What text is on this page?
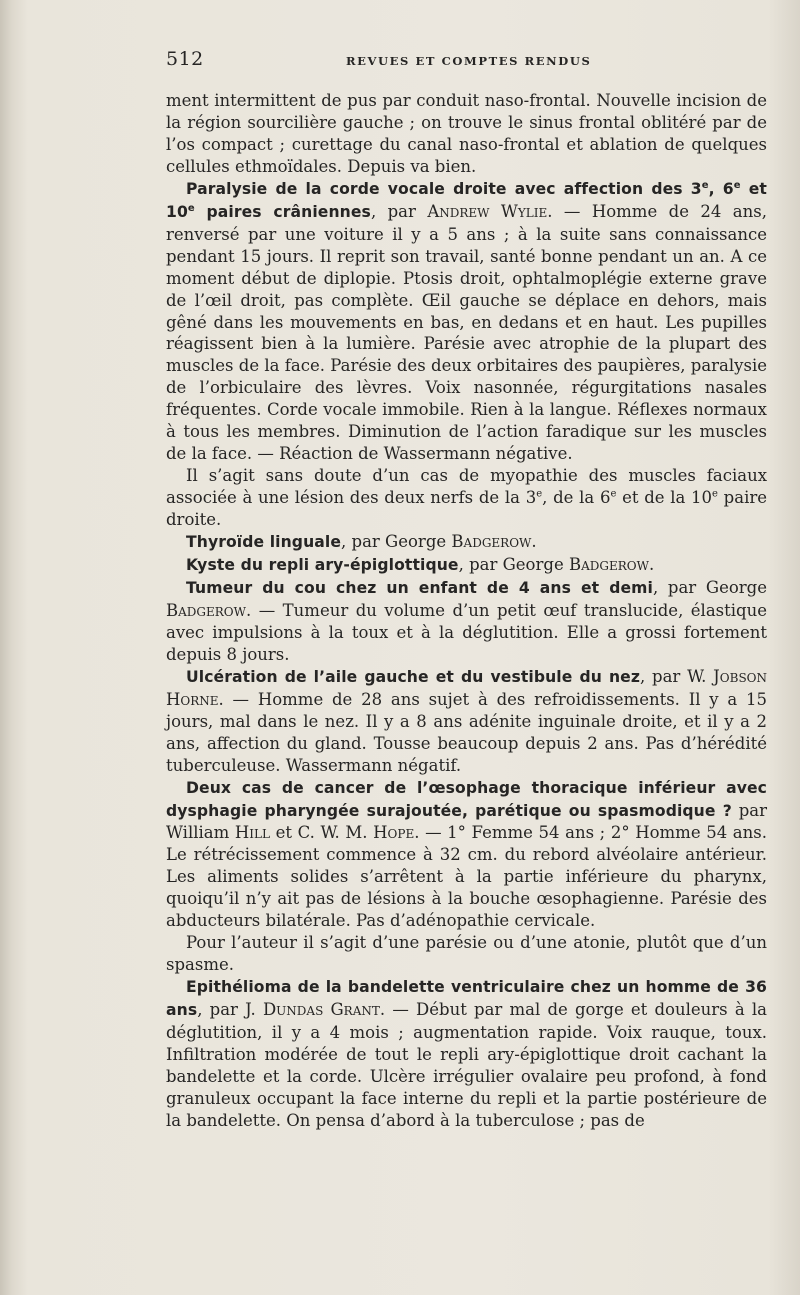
512	REVUES ET COMPTES RENDUS

ment intermittent de pus par conduit naso-frontal. Nouvelle incision de la région sourcilière gauche ; on trouve le sinus frontal oblitéré par de l’os compact ; curettage du canal naso-frontal et ablation de quelques cellules ethmoïdales. Depuis va bien.

Paralysie de la corde vocale droite avec affection des 3e, 6e et 10e paires crâniennes, par Andrew Wylie. — Homme de 24 ans, renversé par une voiture il y a 5 ans ; à la suite sans connaissance pendant 15 jours. Il reprit son travail, santé bonne pendant un an. A ce moment début de diplopie. Ptosis droit, ophtalmoplégie externe grave de l’œil droit, pas complète. Œil gauche se déplace en dehors, mais gêné dans les mouvements en bas, en dedans et en haut. Les pupilles réagissent bien à la lumière. Parésie avec atrophie de la plupart des muscles de la face. Parésie des deux orbitaires des paupières, paralysie de l’orbiculaire des lèvres. Voix nasonnée, régurgitations nasales fréquentes. Corde vocale immobile. Rien à la langue. Réflexes normaux à tous les membres. Diminution de l’action faradique sur les muscles de la face. — Réaction de Wassermann négative.

Il s’agit sans doute d’un cas de myopathie des muscles faciaux associée à une lésion des deux nerfs de la 3e, de la 6e et de la 10e paire droite.

Thyroïde linguale, par George Badgerow.

Kyste du repli ary-épiglottique, par George Badgerow.

Tumeur du cou chez un enfant de 4 ans et demi, par George Badgerow. — Tumeur du volume d’un petit œuf translucide, élastique avec impulsions à la toux et à la déglutition. Elle a grossi fortement depuis 8 jours.

Ulcération de l’aile gauche et du vestibule du nez, par W. Jobson Horne. — Homme de 28 ans sujet à des refroidissements. Il y a 15 jours, mal dans le nez. Il y a 8 ans adénite inguinale droite, et il y a 2 ans, affection du gland. Tousse beaucoup depuis 2 ans. Pas d’hérédité tuberculeuse. Wassermann négatif.

Deux cas de cancer de l’œsophage thoracique inférieur avec dysphagie pharyngée surajoutée, parétique ou spasmodique ? par William Hill et C. W. M. Hope. — 1° Femme 54 ans ; 2° Homme 54 ans. Le rétrécissement commence à 32 cm. du rebord alvéolaire antérieur. Les aliments solides s’arrêtent à la partie inférieure du pharynx, quoiqu’il n’y ait pas de lésions à la bouche œsophagienne. Parésie des abducteurs bilatérale. Pas d’adénopathie cervicale.

Pour l’auteur il s’agit d’une parésie ou d’une atonie, plutôt que d’un spasme.

Epithélioma de la bandelette ventriculaire chez un homme de 36 ans, par J. Dundas Grant. — Début par mal de gorge et douleurs à la déglutition, il y a 4 mois ; augmentation rapide. Voix rauque, toux. Infiltration modérée de tout le repli ary-épiglottique droit cachant la bandelette et la corde. Ulcère irrégulier ovalaire peu profond, à fond granuleux occupant la face interne du repli et la partie postérieure de la bandelette. On pensa d’abord à la tuberculose ; pas de
